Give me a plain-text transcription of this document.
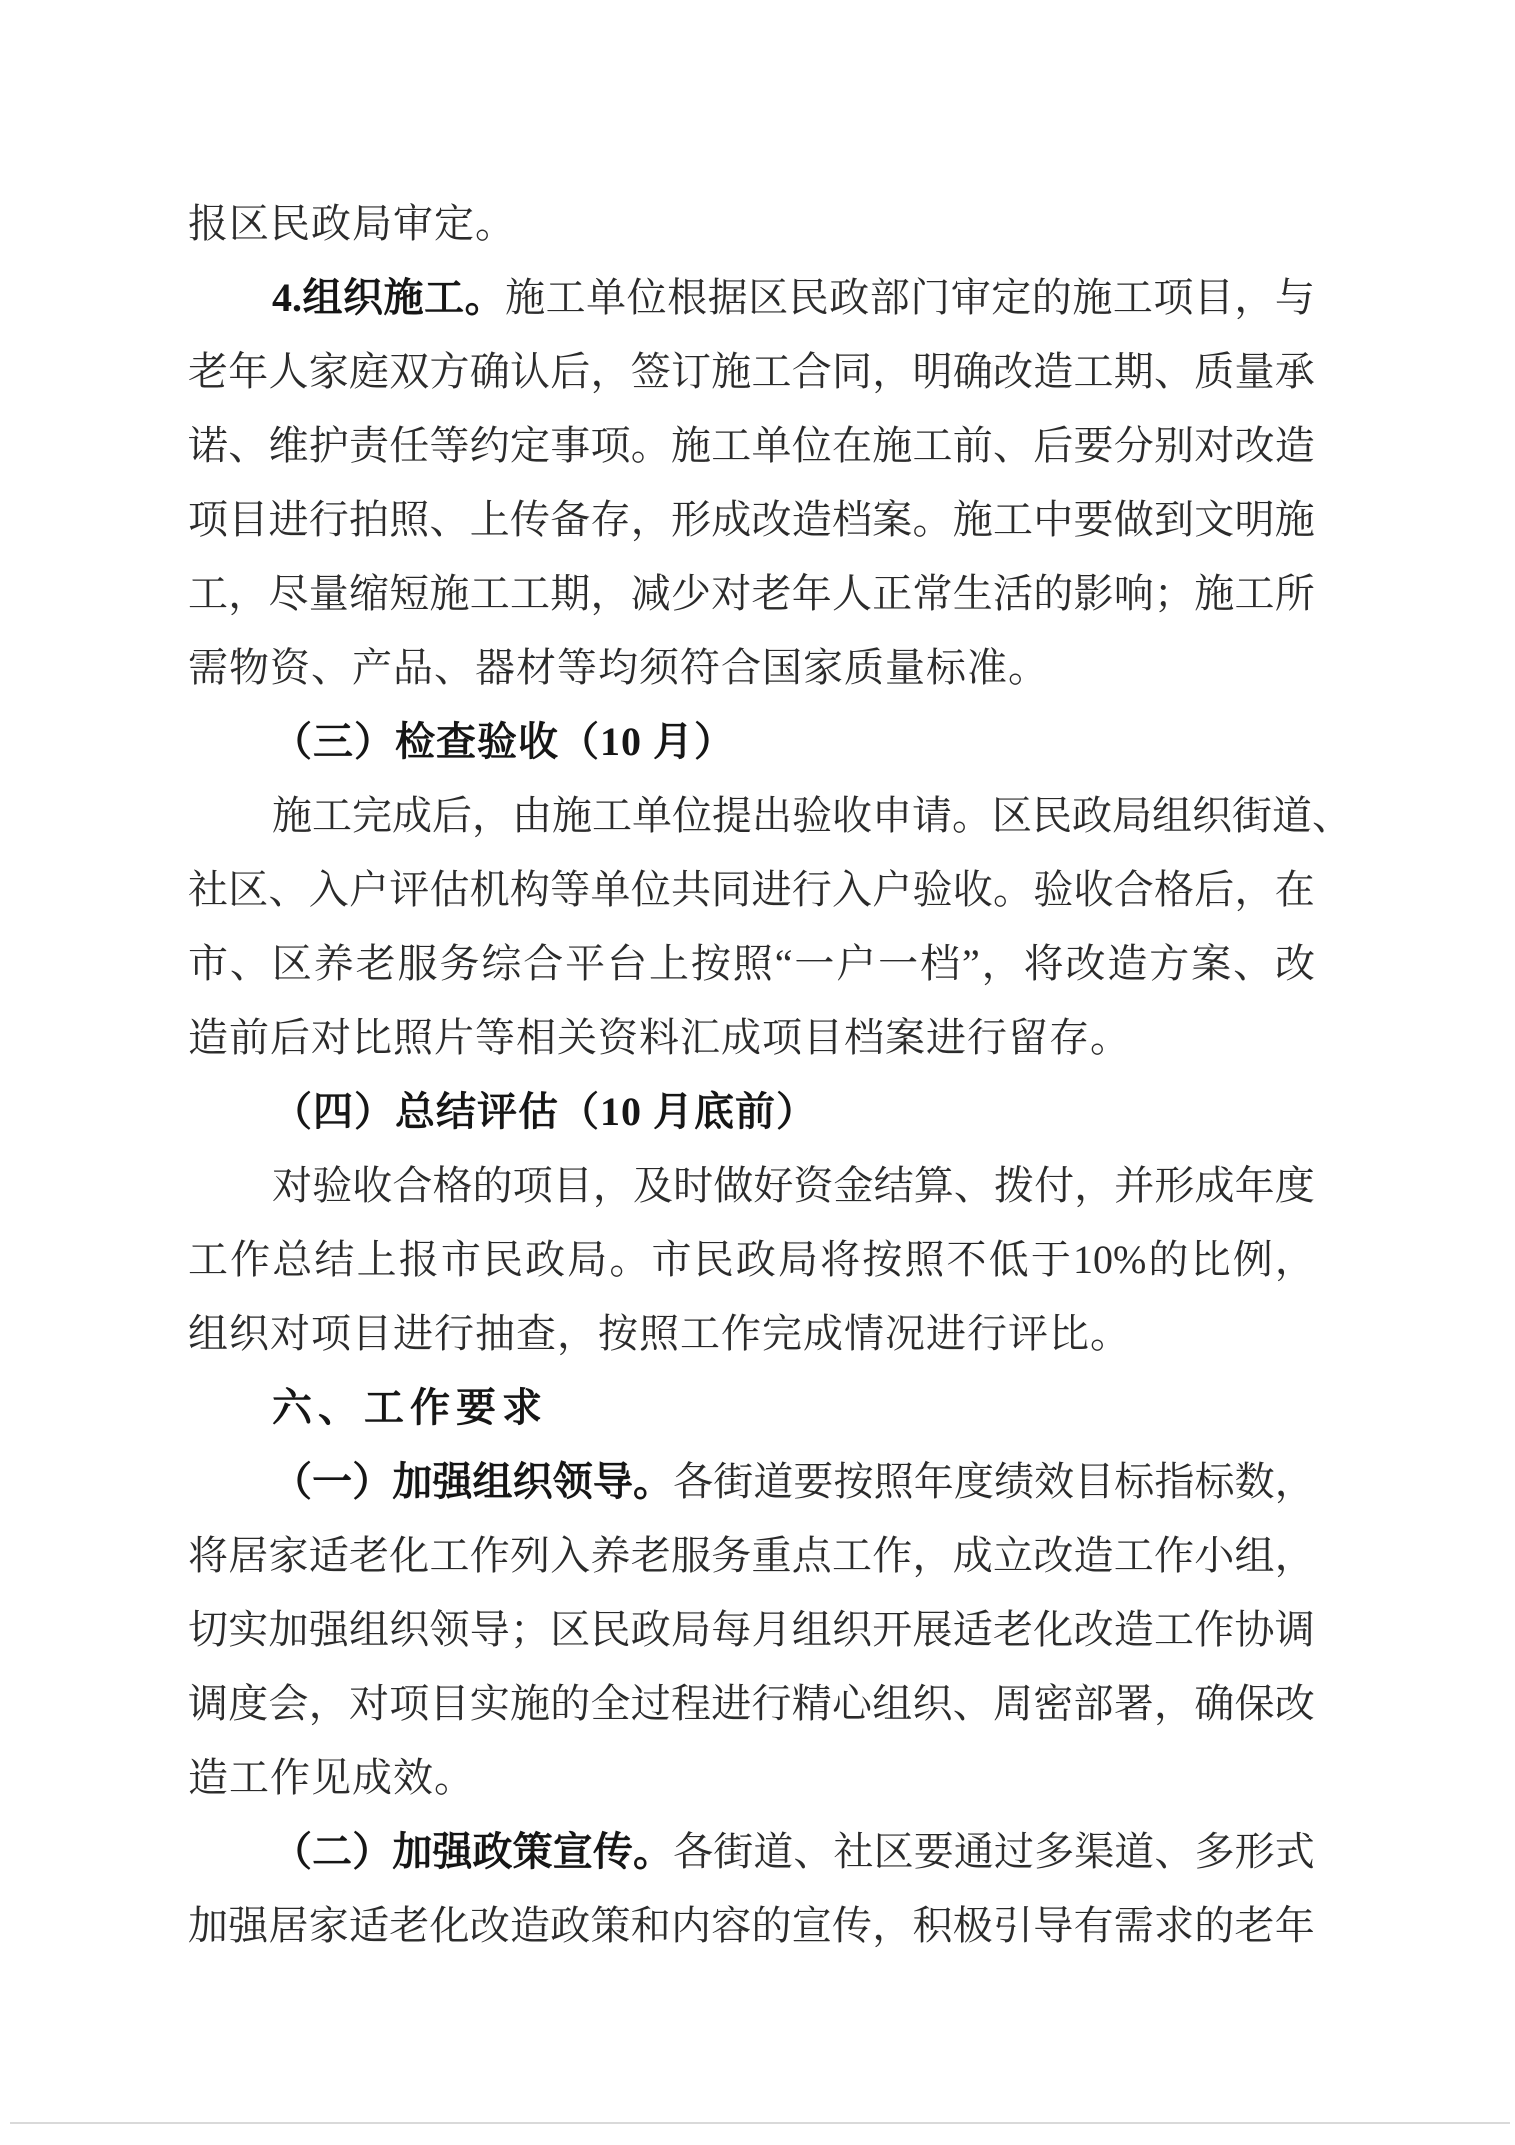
报区民政局审定。
4. 组 织 施 工 。 施 工 单 位 根 据 区 民 政 部 门 审 定 的 施 工 项 目 ， 与
老 年 人 家 庭 双 方 确 认 后 ， 签 订 施 工 合 同 ， 明 确 改 造 工 期 、 质 量 承
诺 、 维 护 责 任 等 约 定 事 项 。 施 工 单 位 在 施 工 前 、 后 要 分 别 对 改 造
项 目 进 行 拍 照 、 上 传 备 存 ， 形 成 改 造 档 案 。 施 工 中 要 做 到 文 明 施
工 ， 尽 量 缩 短 施 工 工 期 ， 减 少 对 老 年 人 正 常 生 活 的 影 响 ； 施 工 所
需物资、产品、器材等均须符合国家质量标准。
（三）检查验收（10 月）
施 工 完 成 后 ， 由 施 工 单 位 提 出 验 收 申 请 。 区 民 政 局 组 织 街 道 、
社 区 、 入 户 评 估 机 构 等 单 位 共 同 进 行 入 户 验 收 。 验 收 合 格 后 ， 在
市 、 区 养 老 服 务 综 合 平 台 上 按 照 “ 一 户 一 档 ” ， 将 改 造 方 案 、 改
造前后对比照片等相关资料汇成项目档案进行留存。
（四）总结评估（10 月底前）
对 验 收 合 格 的 项 目 ， 及 时 做 好 资 金 结 算 、 拨 付 ， 并 形 成 年 度
工 作 总 结 上 报 市 民 政 局 。 市 民 政 局 将 按 照 不 低 于 10% 的 比 例 ，
组织对项目进行抽查，按照工作完成情况进行评比。
六、工作要求
（ 一 ） 加 强 组 织 领 导 。 各 街 道 要 按 照 年 度 绩 效 目 标 指 标 数 ，
将 居 家 适 老 化 工 作 列 入 养 老 服 务 重 点 工 作 ， 成 立 改 造 工 作 小 组 ，
切 实 加 强 组 织 领 导 ； 区 民 政 局 每 月 组 织 开 展 适 老 化 改 造 工 作 协 调
调 度 会 ， 对 项 目 实 施 的 全 过 程 进 行 精 心 组 织 、 周 密 部 署 ， 确 保 改
造工作见成效。
（ 二 ） 加 强 政 策 宣 传 。 各 街 道 、 社 区 要 通 过 多 渠 道 、 多 形 式
加 强 居 家 适 老 化 改 造 政 策 和 内 容 的 宣 传 ， 积 极 引 导 有 需 求 的 老 年
